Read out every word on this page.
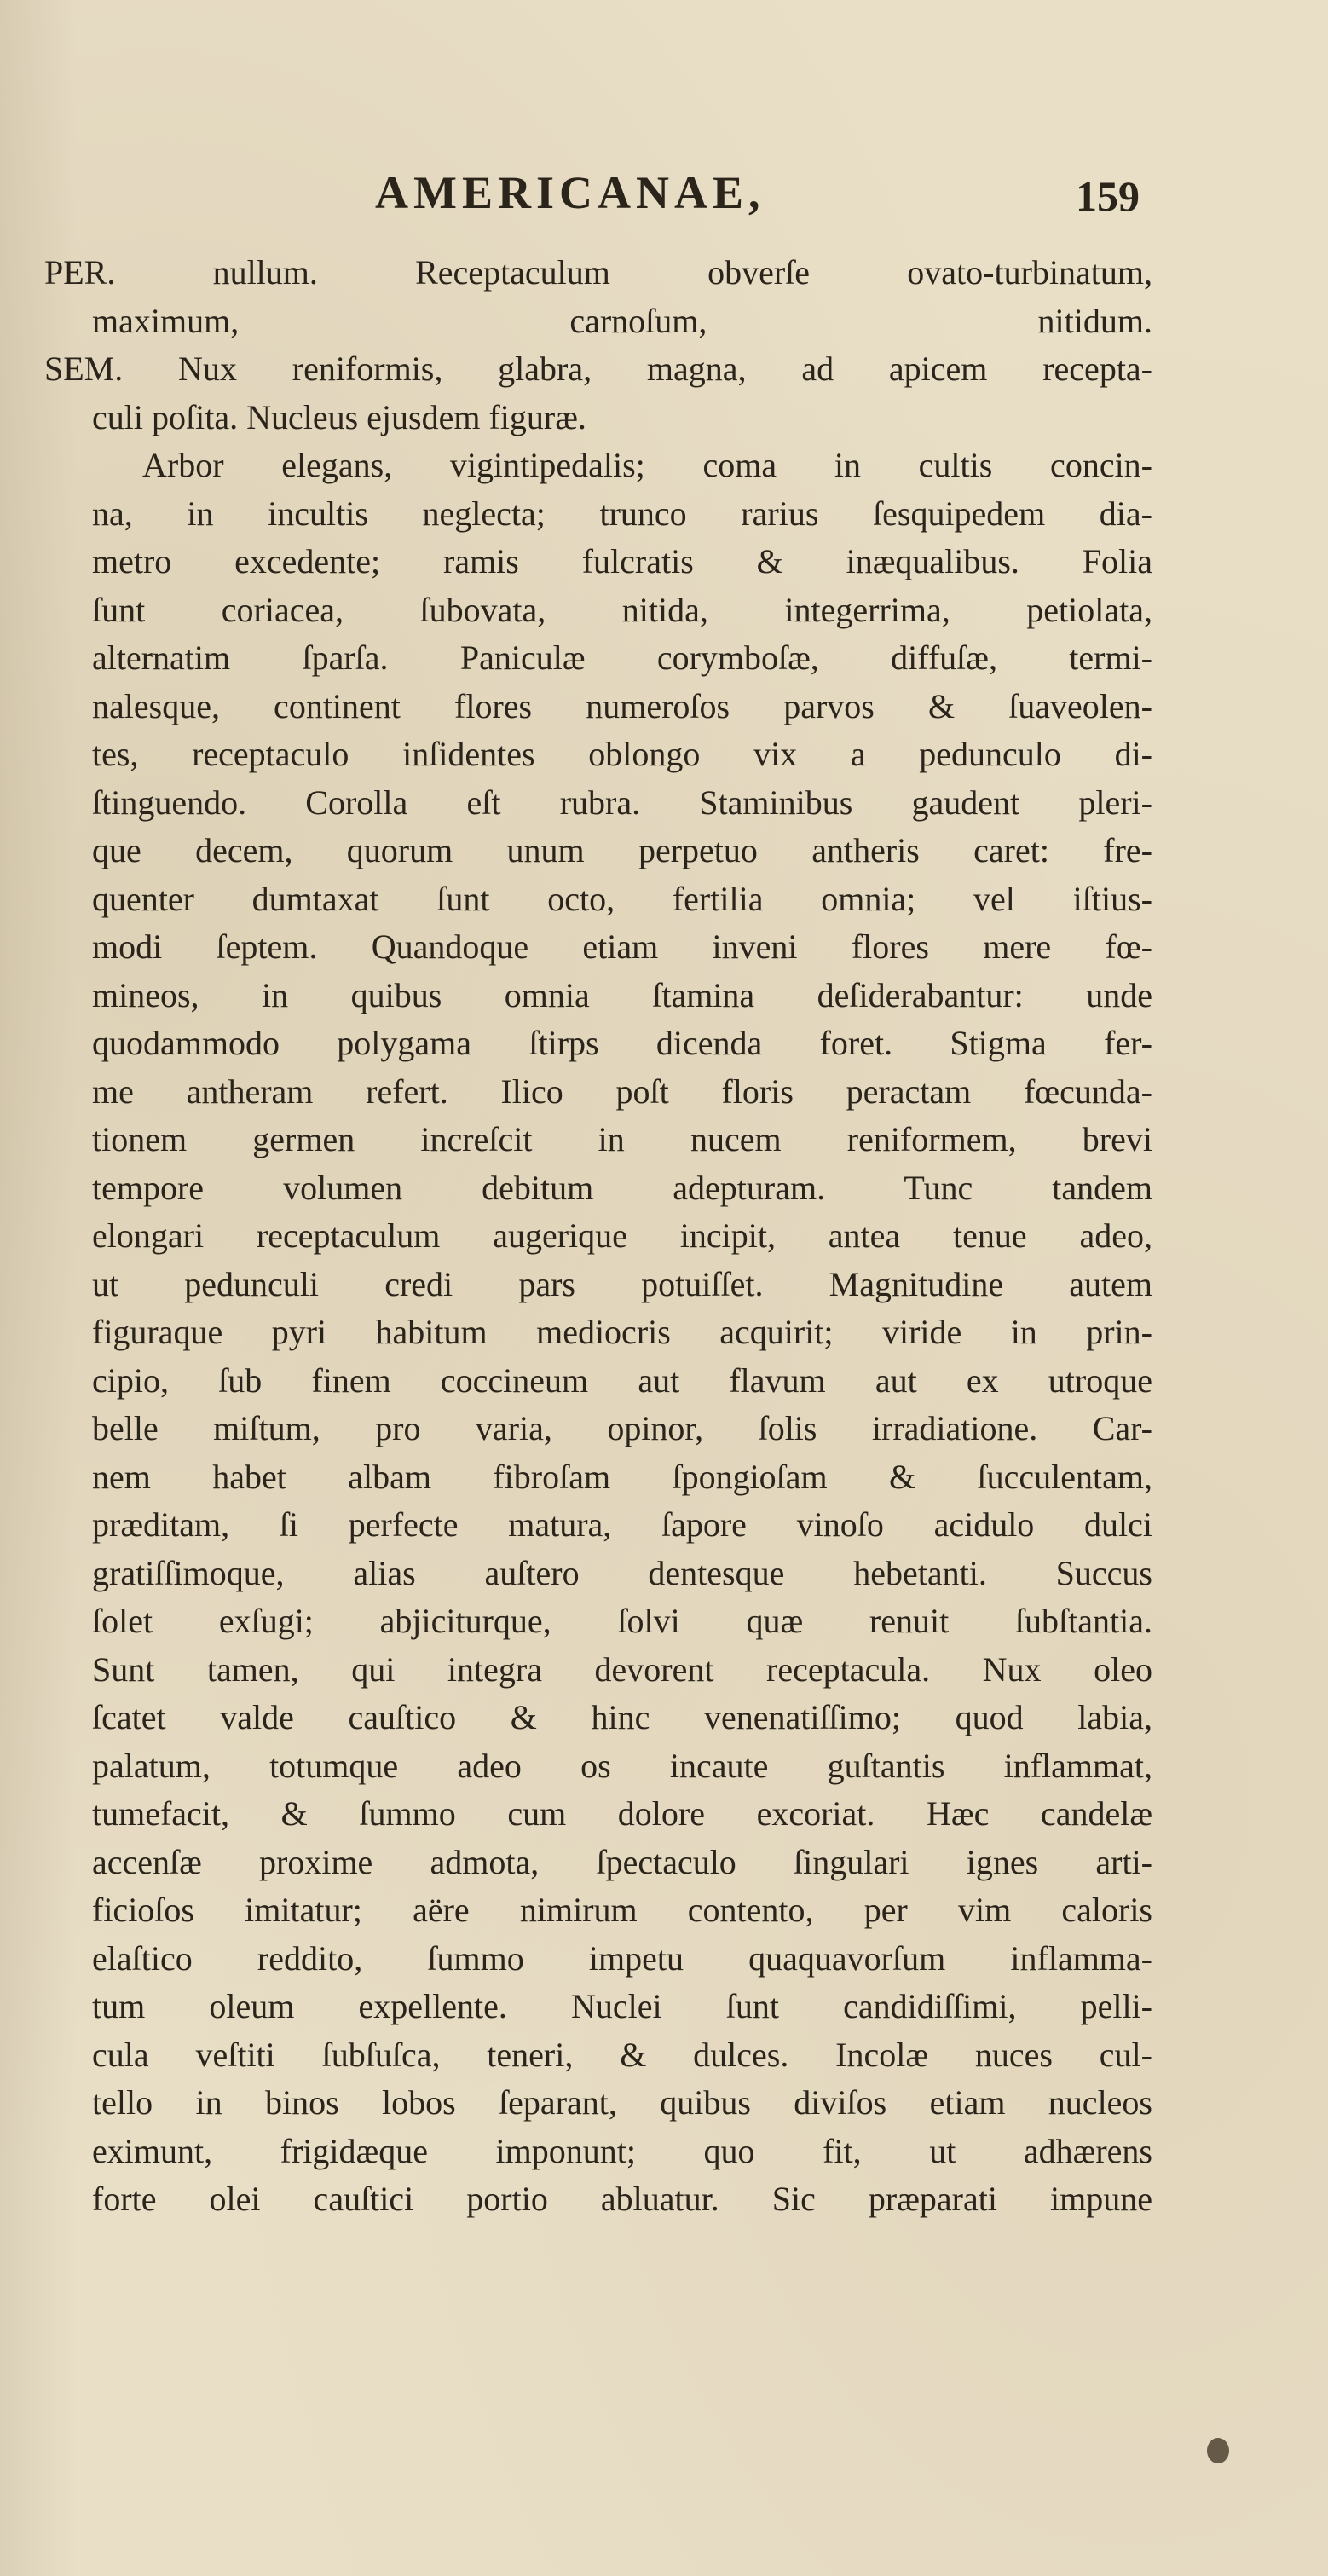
AMERICANAE,	159
PER. nullum. Receptaculum obverſe ovato-turbinatum,
maximum, carnoſum, nitidum.
SEM. Nux reniformis, glabra, magna, ad apicem recepta-
culi poſita. Nucleus ejusdem figuræ.
Arbor elegans, vigintipedalis; coma in cultis concin-
na, in incultis neglecta; trunco rarius ſesquipedem dia-
metro excedente; ramis fulcratis & inæqualibus. Folia
ſunt coriacea, ſubovata, nitida, integerrima, petiolata,
alternatim ſparſa. Paniculæ corymboſæ, diffuſæ, termi-
nalesque, continent flores numeroſos parvos & ſuaveolen-
tes, receptaculo inſidentes oblongo vix a pedunculo di-
ſtinguendo. Corolla eſt rubra. Staminibus gaudent pleri-
que decem, quorum unum perpetuo antheris caret: fre-
quenter dumtaxat ſunt octo, fertilia omnia; vel iſtius-
modi ſeptem. Quandoque etiam inveni flores mere fœ-
mineos, in quibus omnia ſtamina deſiderabantur: unde
quodammodo polygama ſtirps dicenda foret. Stigma fer-
me antheram refert. Ilico poſt floris peractam fœcunda-
tionem germen increſcit in nucem reniformem, brevi
tempore volumen debitum adepturam. Tunc tandem
elongari receptaculum augerique incipit, antea tenue adeo,
ut pedunculi credi pars potuiſſet. Magnitudine autem
figuraque pyri habitum mediocris acquirit; viride in prin-
cipio, ſub finem coccineum aut flavum aut ex utroque
belle miſtum, pro varia, opinor, ſolis irradiatione. Car-
nem habet albam fibroſam ſpongioſam & ſucculentam,
præditam, ſi perfecte matura, ſapore vinoſo acidulo dulci
gratiſſimoque, alias auſtero dentesque hebetanti. Succus
ſolet exſugi; abjiciturque, ſolvi quæ renuit ſubſtantia.
Sunt tamen, qui integra devorent receptacula. Nux oleo
ſcatet valde cauſtico & hinc venenatiſſimo; quod labia,
palatum, totumque adeo os incaute guſtantis inflammat,
tumefacit, & ſummo cum dolore excoriat. Hæc candelæ
accenſæ proxime admota, ſpectaculo ſingulari ignes arti-
ficioſos imitatur; aëre nimirum contento, per vim caloris
elaſtico reddito, ſummo impetu quaquavorſum inflamma-
tum oleum expellente. Nuclei ſunt candidiſſimi, pelli-
cula veſtiti ſubſuſca, teneri, & dulces. Incolæ nuces cul-
tello in binos lobos ſeparant, quibus diviſos etiam nucleos
eximunt, frigidæque imponunt; quo fit, ut adhærens
forte olei cauſtici portio abluatur. Sic præparati impune
